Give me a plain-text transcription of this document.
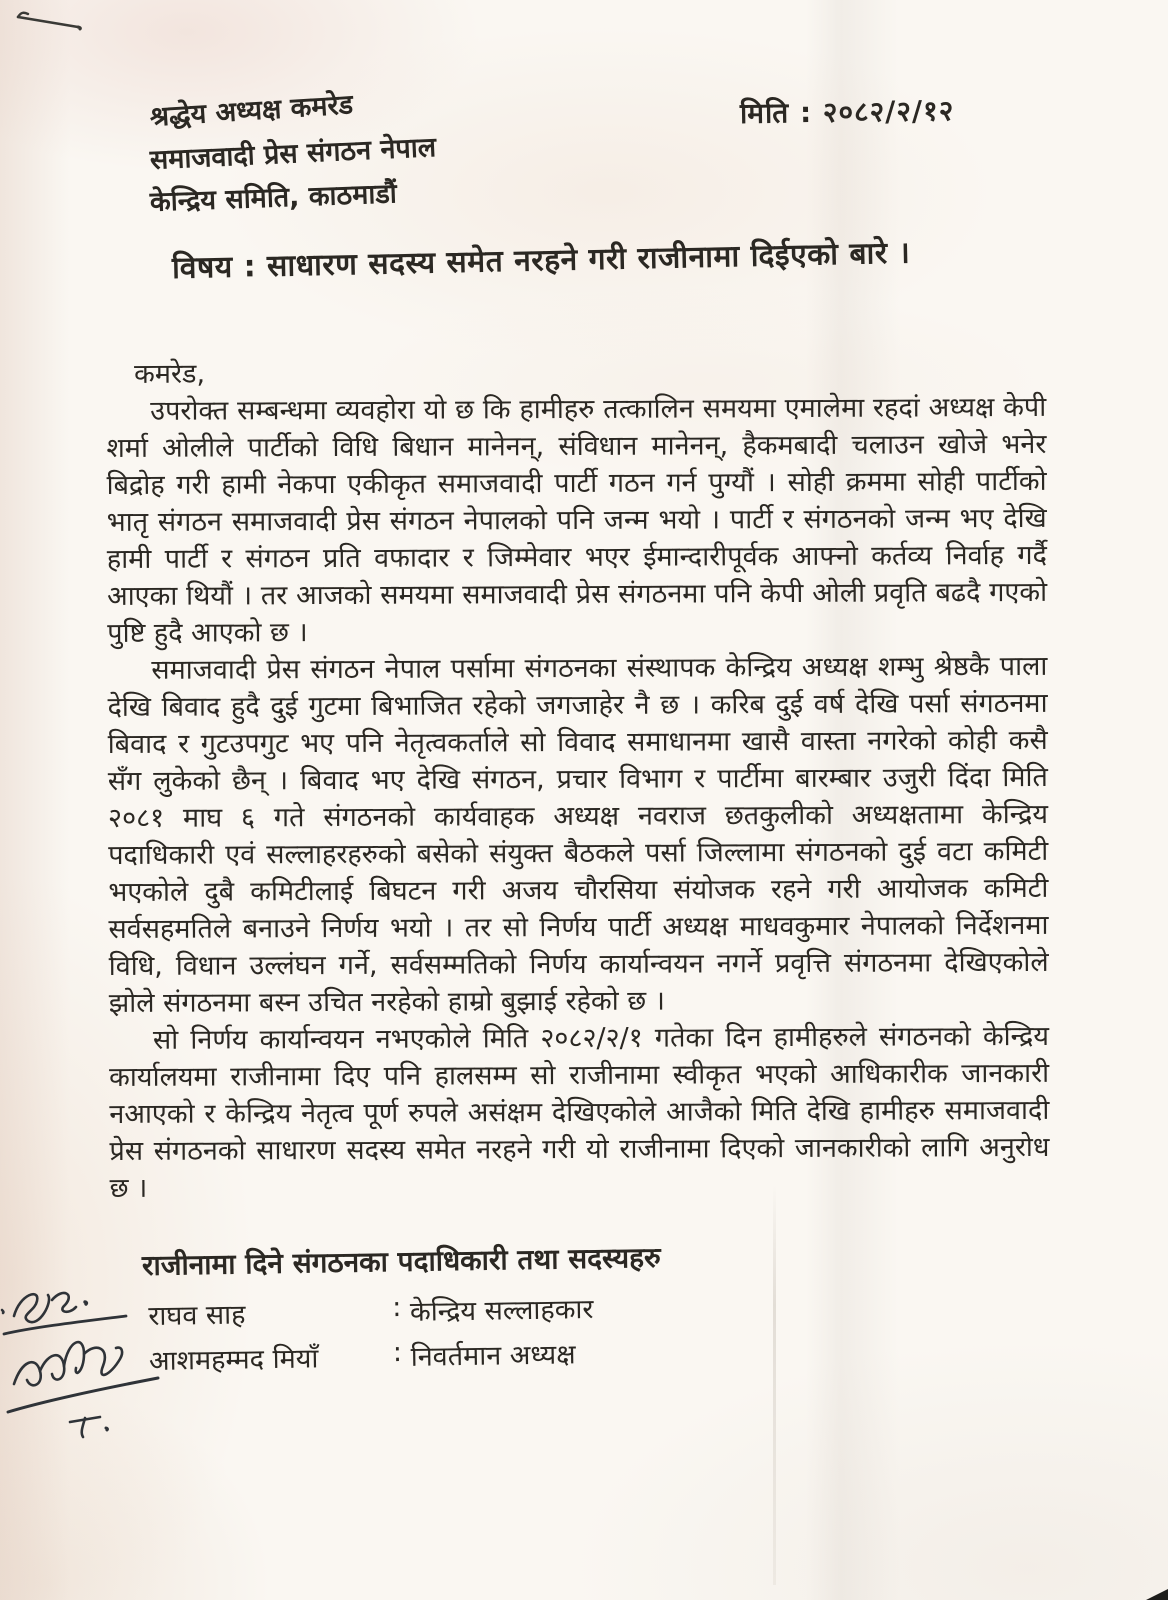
मिति : २०८२/२/१२
श्रद्धेय अध्यक्ष कमरेड
समाजवादी प्रेस संगठन नेपाल
केन्द्रिय समिति, काठमाडौं
विषय : साधारण सदस्य समेत नरहने गरी राजीनामा दिईएको बारे ।
कमरेड,

उपरोक्त सम्बन्धमा व्यवहोरा यो छ कि हामीहरु तत्कालिन समयमा एमालेमा रहदां अध्यक्ष केपी शर्मा ओलीले पार्टीको विधि बिधान मानेनन्, संविधान मानेनन्, हैकमबादी चलाउन खोजे भनेर बिद्रोह गरी हामी नेकपा एकीकृत समाजवादी पार्टी गठन गर्न पुग्यौं । सोही क्रममा सोही पार्टीको भातृ संगठन समाजवादी प्रेस संगठन नेपालको पनि जन्म भयो । पार्टी र संगठनको जन्म भए देखि हामी पार्टी र संगठन प्रति वफादार र जिम्मेवार भएर ईमान्दारीपूर्वक आफ्नो कर्तव्य निर्वाह गर्दै आएका थियौं । तर आजको समयमा समाजवादी प्रेस संगठनमा पनि केपी ओली प्रवृति बढदै गएको पुष्टि हुदै आएको छ ।

समाजवादी प्रेस संगठन नेपाल पर्सामा संगठनका संस्थापक केन्द्रिय अध्यक्ष शम्भु श्रेष्ठकै पाला देखि बिवाद हुदै दुई गुटमा बिभाजित रहेको जगजाहेर नै छ । करिब दुई वर्ष देखि पर्सा संगठनमा बिवाद र गुटउपगुट भए पनि नेतृत्वकर्ताले सो विवाद समाधानमा खासै वास्ता नगरेको कोही कसै सँग लुकेको छैन् । बिवाद भए देखि संगठन, प्रचार विभाग र पार्टीमा बारम्बार उजुरी दिंदा मिति २०८१ माघ ६ गते संगठनको कार्यवाहक अध्यक्ष नवराज छतकुलीको अध्यक्षतामा केन्द्रिय पदाधिकारी एवं सल्लाहरहरुको बसेको संयुक्त बैठकले पर्सा जिल्लामा संगठनको दुई वटा कमिटी भएकोले दुबै कमिटीलाई बिघटन गरी अजय चौरसिया संयोजक रहने गरी आयोजक कमिटी सर्वसहमतिले बनाउने निर्णय भयो । तर सो निर्णय पार्टी अध्यक्ष माधवकुमार नेपालको निर्देशनमा विधि, विधान उल्लंघन गर्ने, सर्वसम्मतिको निर्णय कार्यान्वयन नगर्ने प्रवृत्ति संगठनमा देखिएकोले झोले संगठनमा बस्न उचित नरहेको हाम्रो बुझाई रहेको छ ।

सो निर्णय कार्यान्वयन नभएकोले मिति २०८२/२/१ गतेका दिन हामीहरुले संगठनको केन्द्रिय कार्यालयमा राजीनामा दिए पनि हालसम्म सो राजीनामा स्वीकृत भएको आधिकारीक जानकारी नआएको र केन्द्रिय नेतृत्व पूर्ण रुपले असंक्षम देखिएकोले आजैको मिति देखि हामीहरु समाजवादी प्रेस संगठनको साधारण सदस्य समेत नरहने गरी यो राजीनामा दिएको जानकारीको लागि अनुरोध छ ।

राजीनामा दिने संगठनका पदाधिकारी तथा सदस्यहरु
राघव साह	:
केन्द्रिय सल्लाहकार
आशमहम्मद मियाँ	:
निवर्तमान अध्यक्ष
